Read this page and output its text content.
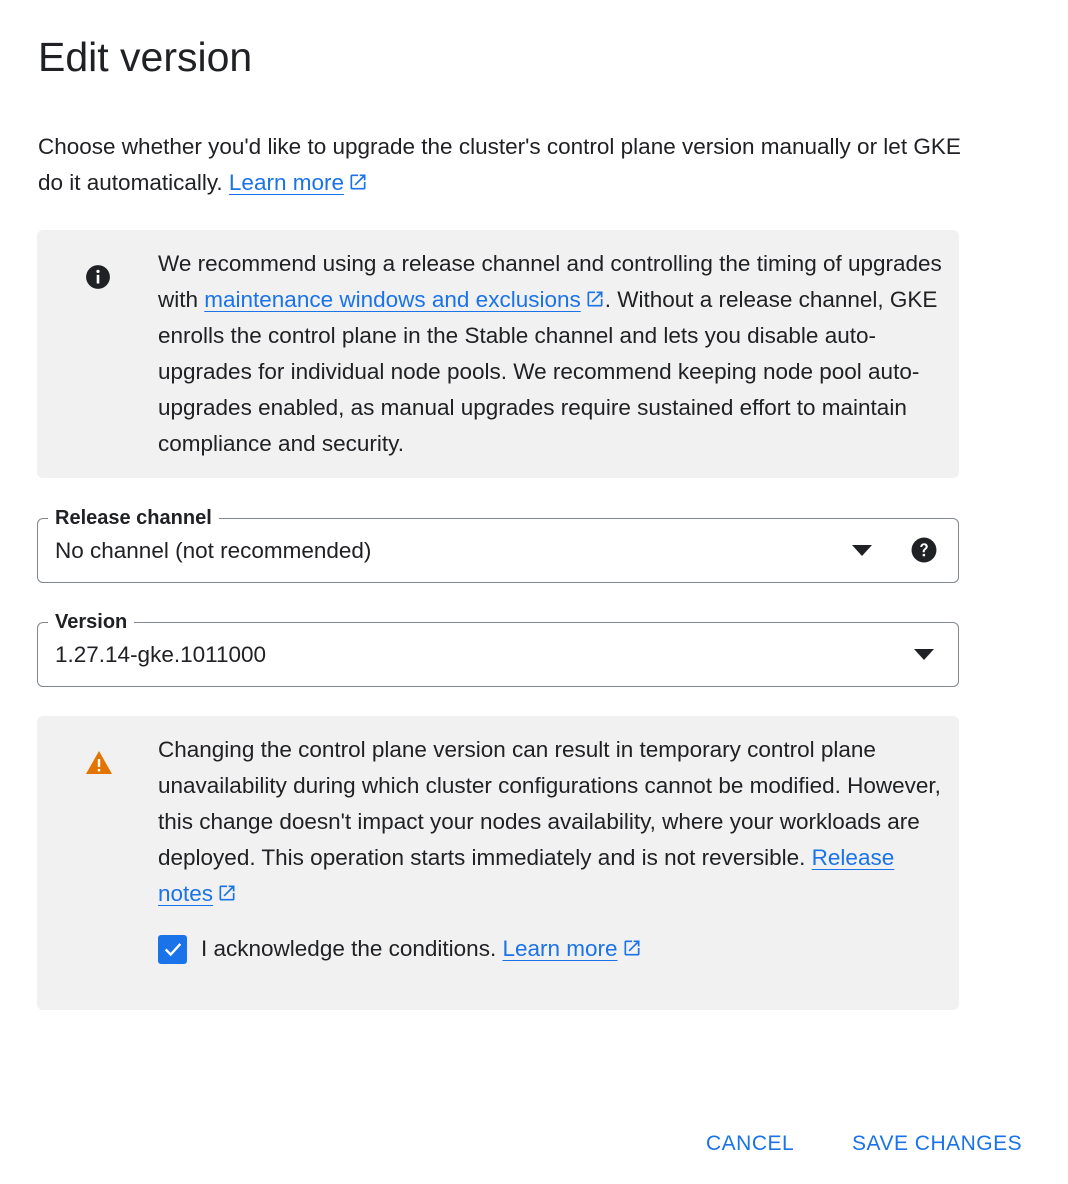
Edit version

Choose whether you'd like to upgrade the cluster's control plane version manually or let GKE do it automatically. Learn more

We recommend using a release channel and controlling the timing of upgrades with maintenance windows and exclusions . Without a release channel, GKE enrolls the control plane in the Stable channel and lets you disable auto-upgrades for individual node pools. We recommend keeping node pool auto-upgrades enabled, as manual upgrades require sustained effort to maintain compliance and security.

Release channel
No channel (not recommended)
Version
1.27.14-gke.1011000

Changing the control plane version can result in temporary control plane unavailability during which cluster configurations cannot be modified. However, this change doesn't impact your nodes availability, where your workloads are deployed. This operation starts immediately and is not reversible. Release notes

I acknowledge the conditions. Learn more
CANCEL	SAVE CHANGES
